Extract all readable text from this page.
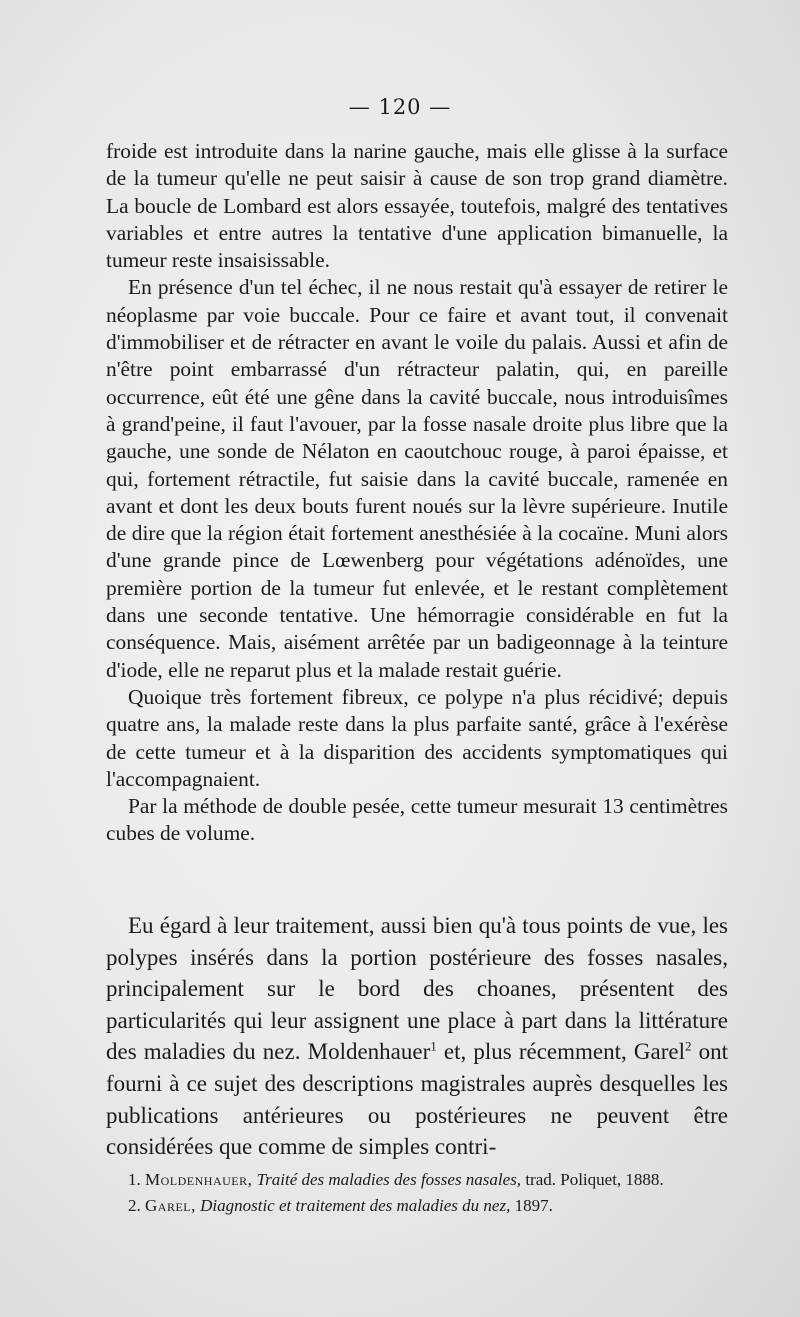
— 120 —

froide est introduite dans la narine gauche, mais elle glisse à la surface de la tumeur qu'elle ne peut saisir à cause de son trop grand diamètre. La boucle de Lombard est alors essayée, toutefois, malgré des tentatives variables et entre autres la tentative d'une application bimanuelle, la tumeur reste insaisissable.

En présence d'un tel échec, il ne nous restait qu'à essayer de retirer le néoplasme par voie buccale. Pour ce faire et avant tout, il convenait d'immobiliser et de rétracter en avant le voile du palais. Aussi et afin de n'être point embarrassé d'un rétracteur palatin, qui, en pareille occurrence, eût été une gêne dans la cavité buccale, nous introduisîmes à grand'peine, il faut l'avouer, par la fosse nasale droite plus libre que la gauche, une sonde de Nélaton en caoutchouc rouge, à paroi épaisse, et qui, fortement rétractile, fut saisie dans la cavité buccale, ramenée en avant et dont les deux bouts furent noués sur la lèvre supérieure. Inutile de dire que la région était fortement anesthésiée à la cocaïne. Muni alors d'une grande pince de Lœwenberg pour végétations adénoïdes, une première portion de la tumeur fut enlevée, et le restant complètement dans une seconde tentative. Une hémorragie considérable en fut la conséquence. Mais, aisément arrêtée par un badigeonnage à la teinture d'iode, elle ne reparut plus et la malade restait guérie.

Quoique très fortement fibreux, ce polype n'a plus récidivé; depuis quatre ans, la malade reste dans la plus parfaite santé, grâce à l'exérèse de cette tumeur et à la disparition des accidents symptomatiques qui l'accompagnaient.

Par la méthode de double pesée, cette tumeur mesurait 13 centimètres cubes de volume.

Eu égard à leur traitement, aussi bien qu'à tous points de vue, les polypes insérés dans la portion postérieure des fosses nasales, principalement sur le bord des choanes, présentent des particularités qui leur assignent une place à part dans la littérature des maladies du nez. Moldenhauer$^1$ et, plus récemment, Garel$^2$ ont fourni à ce sujet des descriptions magistrales auprès desquelles les publications antérieures ou postérieures ne peuvent être considérées que comme de simples contri-

1. Moldenhauer, Traité des maladies des fosses nasales, trad. Poliquet, 1888.

2. Garel, Diagnostic et traitement des maladies du nez, 1897.
